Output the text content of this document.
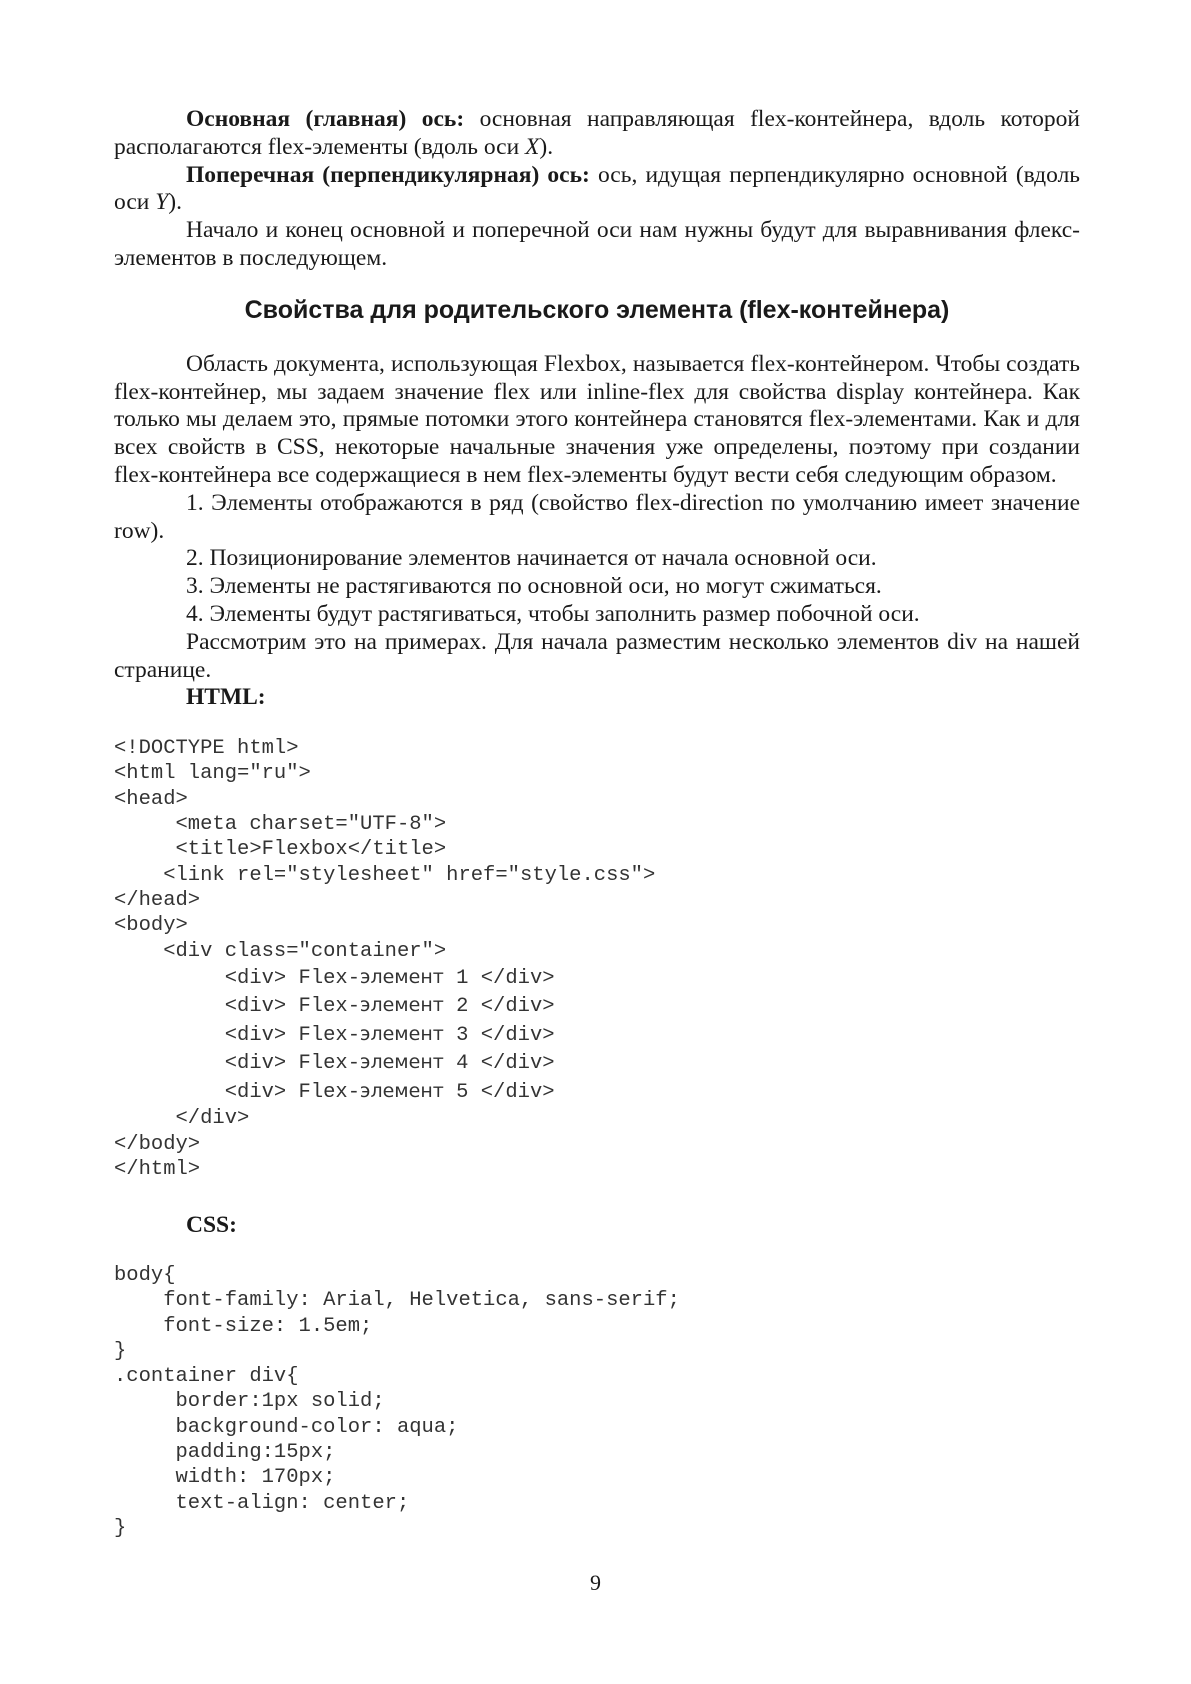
Основная (главная) ось: основная направляющая flex-контейнера, вдоль которой располагаются flex-элементы (вдоль оси X).

Поперечная (перпендикулярная) ось: ось, идущая перпендикулярно основной (вдоль оси Y).

Начало и конец основной и поперечной оси нам нужны будут для выравнивания флекс-элементов в последующем.

Свойства для родительского элемента (flex-контейнера)

Область документа, использующая Flexbox, называется flex-контейнером. Чтобы создать flex-контейнер, мы задаем значение flex или inline-flex для свойства display контейнера. Как только мы делаем это, прямые потомки этого контейнера становятся flex-элементами. Как и для всех свойств в CSS, некоторые начальные значения уже определены, поэтому при создании flex-контейнера все содержащиеся в нем flex-элементы будут вести себя следующим образом.

1. Элементы отображаются в ряд (свойство flex-direction по умолчанию имеет значение row).

2. Позиционирование элементов начинается от начала основной оси.

3. Элементы не растягиваются по основной оси, но могут сжиматься.

4. Элементы будут растягиваться, чтобы заполнить размер побочной оси.

Рассмотрим это на примерах. Для начала разместим несколько элементов div на нашей странице.

HTML:

<!DOCTYPE html>
<html lang="ru">
<head>
<meta charset="UTF-8">
<title>Flexbox</title>
<link rel="stylesheet" href="style.css">
</head>
<body>
<div class="container">
<div> Flex-элемент 1 </div>
<div> Flex-элемент 2 </div>
<div> Flex-элемент 3 </div>
<div> Flex-элемент 4 </div>
<div> Flex-элемент 5 </div>
</div>
</body>
</html>

CSS:

body{
font-family: Arial, Helvetica, sans-serif;
font-size: 1.5em;
}
.container div{
border:1px solid;
background-color: aqua;
padding:15px;
width: 170px;
text-align: center;
}
9
